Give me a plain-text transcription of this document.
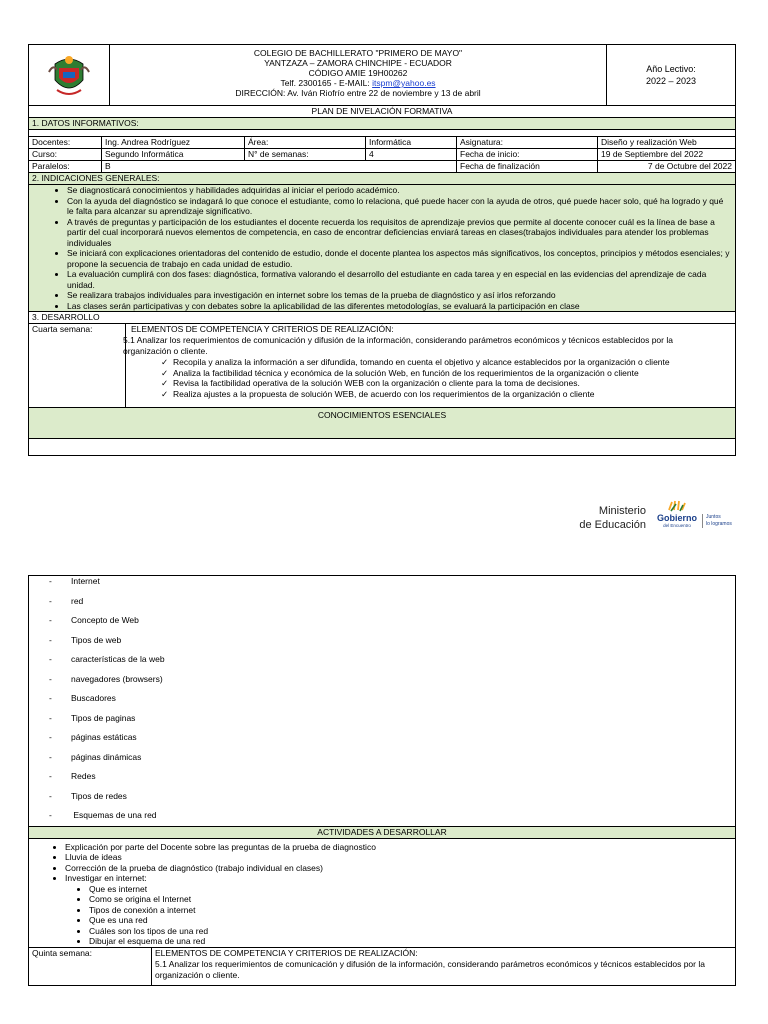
COLEGIO DE BACHILLERATO "PRIMERO DE MAYO"
YANTZAZA – ZAMORA CHINCHIPE - ECUADOR
CÓDIGO AMIE 19H00262
Telf. 2300165 - E-MAIL: itspm@yahoo.es
DIRECCIÓN: Av. Iván Riofrío entre 22 de noviembre y 13 de abril
Año Lectivo:
2022 – 2023
PLAN DE NIVELACIÓN FORMATIVA
1. DATOS INFORMATIVOS:
Docentes:	Ing. Andrea Rodríguez	Área:	Informática	Asignatura:	Diseño y realización Web
Curso:	Segundo Informática	N° de semanas:	4	Fecha de inicio:	19 de Septiembre del 2022
Paralelos:	B	Fecha de finalización	7 de Octubre del 2022
2. INDICACIONES GENERALES:
• Se diagnosticará conocimientos y habilidades adquiridas al iniciar el periodo académico.
• Con la ayuda del diagnóstico se indagará lo que conoce el estudiante, como lo relaciona, qué puede hacer con la ayuda de otros, qué puede hacer solo, qué ha logrado y qué le falta para alcanzar su aprendizaje significativo.
• A través de preguntas y participación de los estudiantes el docente recuerda los requisitos de aprendizaje previos que permite al docente conocer cuál es la línea de base a partir del cual incorporará nuevos elementos de competencia, en caso de encontrar deficiencias enviará tareas en clases(trabajos individuales para atender los problemas individuales
• Se iniciará con explicaciones orientadoras del contenido de estudio, donde el docente plantea los aspectos más significativos, los conceptos, principios y métodos esenciales; y propone la secuencia de trabajo en cada unidad de estudio.
• La evaluación cumplirá con dos fases: diagnóstica, formativa valorando el desarrollo del estudiante en cada tarea y en especial en las evidencias del aprendizaje de cada unidad.
• Se realizara trabajos individuales para investigación en internet sobre los temas de la prueba de diagnóstico y así irlos reforzando
• Las clases serán participativas y con debates sobre la aplicabilidad de las diferentes metodologías, se evaluará la participación en clase
3. DESARROLLO
Cuarta semana:	ELEMENTOS DE COMPETENCIA Y CRITERIOS DE REALIZACIÓN:
5.1 Analizar los requerimientos de comunicación y difusión de la información, considerando parámetros económicos y técnicos establecidos por la organización o cliente.
✓ Recopila y analiza la información a ser difundida, tomando en cuenta el objetivo y alcance establecidos por la organización o cliente
✓ Analiza la factibilidad técnica y económica de la solución Web, en función de los requerimientos de la organización o cliente
✓ Revisa la factibilidad operativa de la solución WEB con la organización o cliente para la toma de decisiones.
✓ Realiza ajustes a la propuesta de solución WEB, de acuerdo con los requerimientos de la organización o cliente
CONOCIMIENTOS ESENCIALES
Ministerio
de Educación
Gobierno
del Encuentro
Juntos
lo logramos
- Internet
- red
- Concepto de Web
- Tipos de web
- características de la web
- navegadores (browsers)
- Buscadores
- Tipos de paginas
- páginas estáticas
- páginas dinámicas
- Redes
- Tipos de redes
- Esquemas de una red
ACTIVIDADES A DESARROLLAR
• Explicación por parte del Docente sobre las preguntas de la prueba de diagnostico
• Lluvia de ideas
• Corrección de la prueba de diagnóstico (trabajo individual en clases)
• Investigar en internet:
• Que es internet
• Como se origina el Internet
• Tipos de conexión a internet
• Que es una red
• Cuáles son los tipos de una red
• Dibujar el esquema de una red
Quinta semana:	ELEMENTOS DE COMPETENCIA Y CRITERIOS DE REALIZACIÓN:
5.1 Analizar los requerimientos de comunicación y difusión de la información, considerando parámetros económicos y técnicos establecidos por la organización o cliente.
